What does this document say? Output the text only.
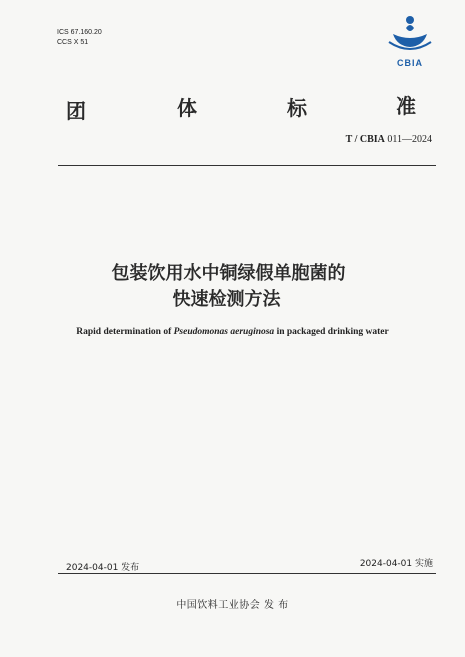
ICS 67.160.20
CCS X 51
CBIA
团	体	标	准
T / CBIA 011—2024
包装饮用水中铜绿假单胞菌的
快速检测方法
Rapid determination of Pseudomonas aeruginosa in packaged drinking water
2024-04-01 发布	2024-04-01 实施
中国饮料工业协会 发 布
